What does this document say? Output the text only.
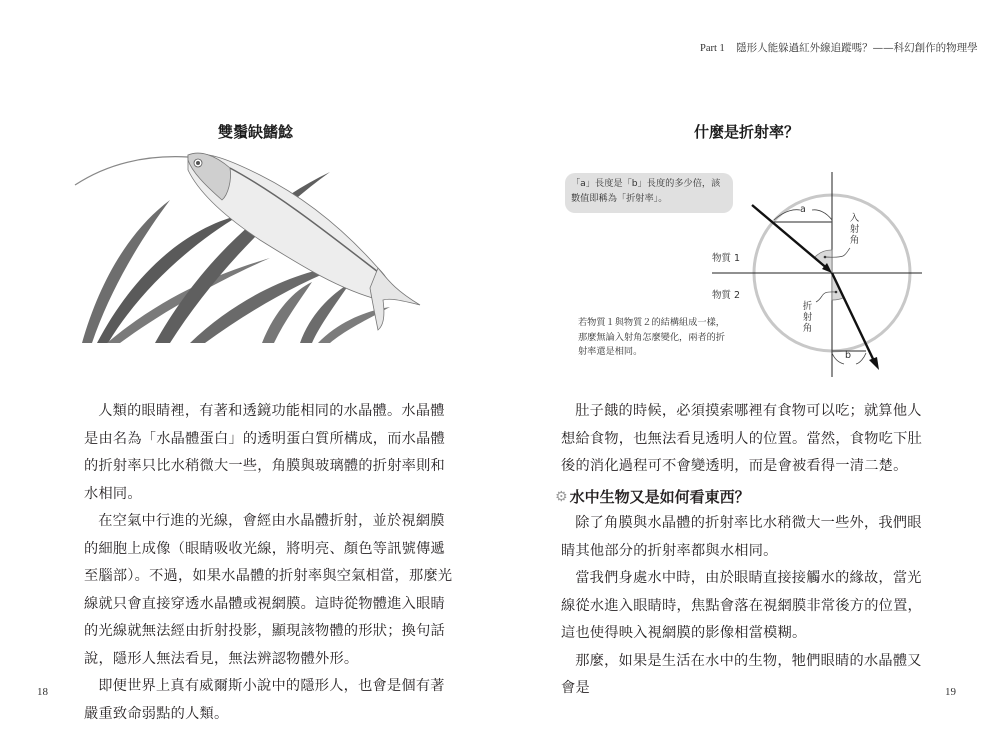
Part 1 隱形人能躲過紅外線追蹤嗎？——科幻創作的物理學
雙鬚缺鰭鯰

人類的眼睛裡，有著和透鏡功能相同的水晶體。水晶體是由名為「水晶體蛋白」的透明蛋白質所構成，而水晶體的折射率只比水稍微大一些，角膜與玻璃體的折射率則和水相同。

在空氣中行進的光線，會經由水晶體折射，並於視網膜的細胞上成像（眼睛吸收光線，將明亮、顏色等訊號傳遞至腦部）。不過，如果水晶體的折射率與空氣相當，那麼光線就只會直接穿透水晶體或視網膜。這時從物體進入眼睛的光線就無法經由折射投影，顯現該物體的形狀；換句話說，隱形人無法看見，無法辨認物體外形。

即便世界上真有威爾斯小說中的隱形人，也會是個有著嚴重致命弱點的人類。

18
什麼是折射率？
「a」長度是「b」長度的多少倍，該數值即稱為「折射率」。
若物質１與物質２的結構組成一樣，那麼無論入射角怎麼變化，兩者的折射率還是相同。
a
b
物質 1
物質 2
入
射
角
折
射
角

肚子餓的時候，必須摸索哪裡有食物可以吃；就算他人想給食物，也無法看見透明人的位置。當然，食物吃下肚後的消化過程可不會變透明，而是會被看得一清二楚。

⚙ 水中生物又是如何看東西？

除了角膜與水晶體的折射率比水稍微大一些外，我們眼睛其他部分的折射率都與水相同。

當我們身處水中時，由於眼睛直接接觸水的緣故，當光線從水進入眼睛時，焦點會落在視網膜非常後方的位置，這也使得映入視網膜的影像相當模糊。

那麼，如果是生活在水中的生物，牠們眼睛的水晶體又會是	19
